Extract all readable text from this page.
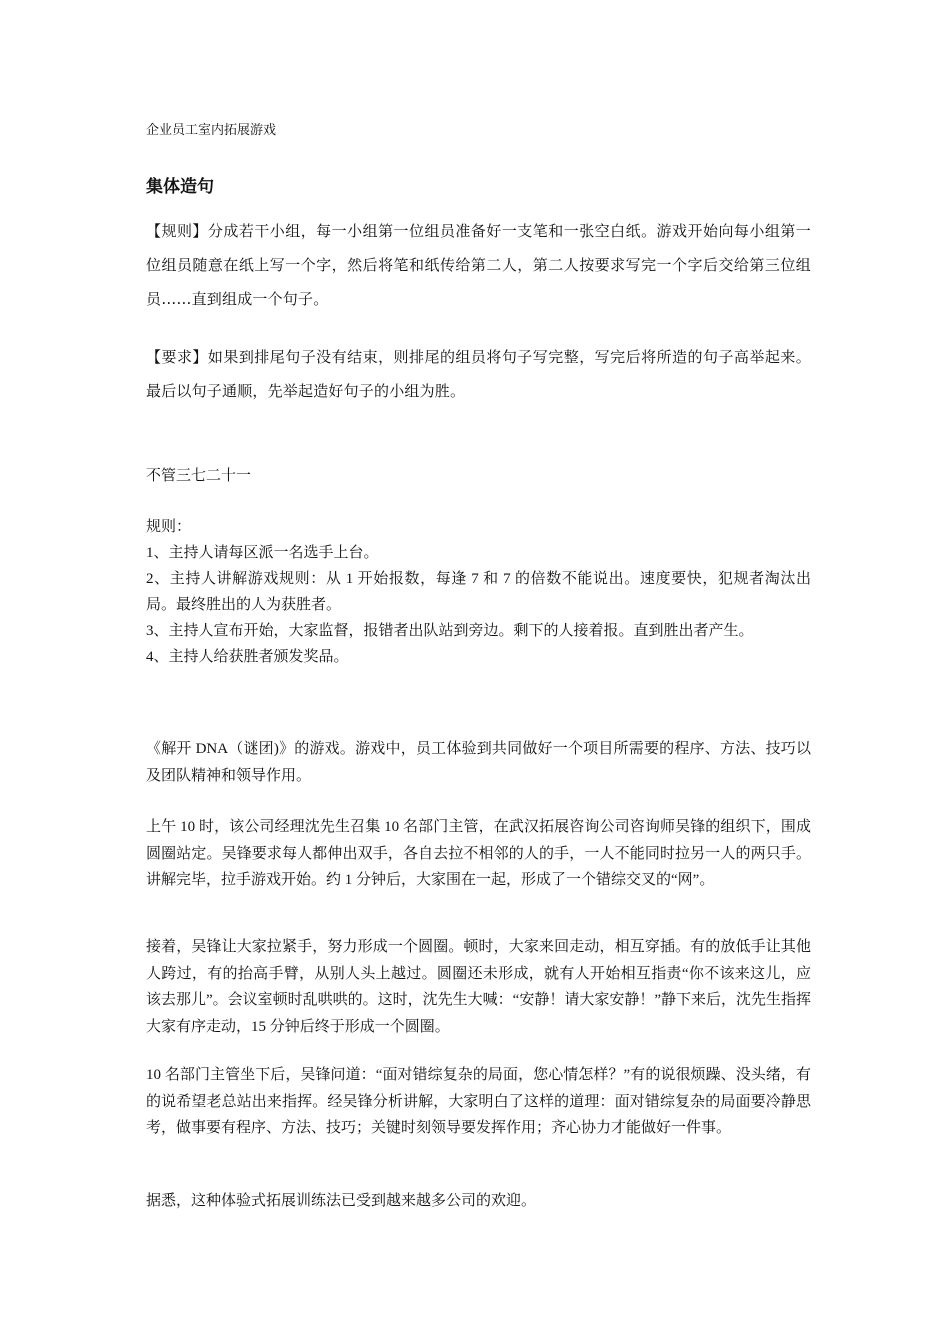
企业员工室内拓展游戏
集体造句
【规则】分成若干小组，每一小组第一位组员准备好一支笔和一张空白纸。游戏开始向每小组第一位组员随意在纸上写一个字，然后将笔和纸传给第二人，第二人按要求写完一个字后交给第三位组员……直到组成一个句子。
【要求】如果到排尾句子没有结束，则排尾的组员将句子写完整，写完后将所造的句子高举起来。最后以句子通顺，先举起造好句子的小组为胜。
不管三七二十一
规则：
1、主持人请每区派一名选手上台。
2、主持人讲解游戏规则：从 1 开始报数，每逢 7 和 7 的倍数不能说出。速度要快，犯规者淘汰出局。最终胜出的人为获胜者。
3、主持人宣布开始，大家监督，报错者出队站到旁边。剩下的人接着报。直到胜出者产生。
4、主持人给获胜者颁发奖品。
《解开 DNA（谜团)》的游戏。游戏中，员工体验到共同做好一个项目所需要的程序、方法、技巧以及团队精神和领导作用。
上午 10 时，该公司经理沈先生召集 10 名部门主管，在武汉拓展咨询公司咨询师吴锋的组织下，围成圆圈站定。吴锋要求每人都伸出双手，各自去拉不相邻的人的手，一人不能同时拉另一人的两只手。讲解完毕，拉手游戏开始。约 1 分钟后，大家围在一起，形成了一个错综交叉的“网”。
接着，吴锋让大家拉紧手，努力形成一个圆圈。顿时，大家来回走动，相互穿插。有的放低手让其他人跨过，有的抬高手臂，从别人头上越过。圆圈还未形成，就有人开始相互指责“你不该来这儿，应该去那儿”。会议室顿时乱哄哄的。这时，沈先生大喊：“安静！请大家安静！”静下来后，沈先生指挥大家有序走动，15 分钟后终于形成一个圆圈。
10 名部门主管坐下后，吴锋问道：“面对错综复杂的局面，您心情怎样？”有的说很烦躁、没头绪，有的说希望老总站出来指挥。经吴锋分析讲解，大家明白了这样的道理：面对错综复杂的局面要冷静思考，做事要有程序、方法、技巧；关键时刻领导要发挥作用；齐心协力才能做好一件事。
据悉，这种体验式拓展训练法已受到越来越多公司的欢迎。
